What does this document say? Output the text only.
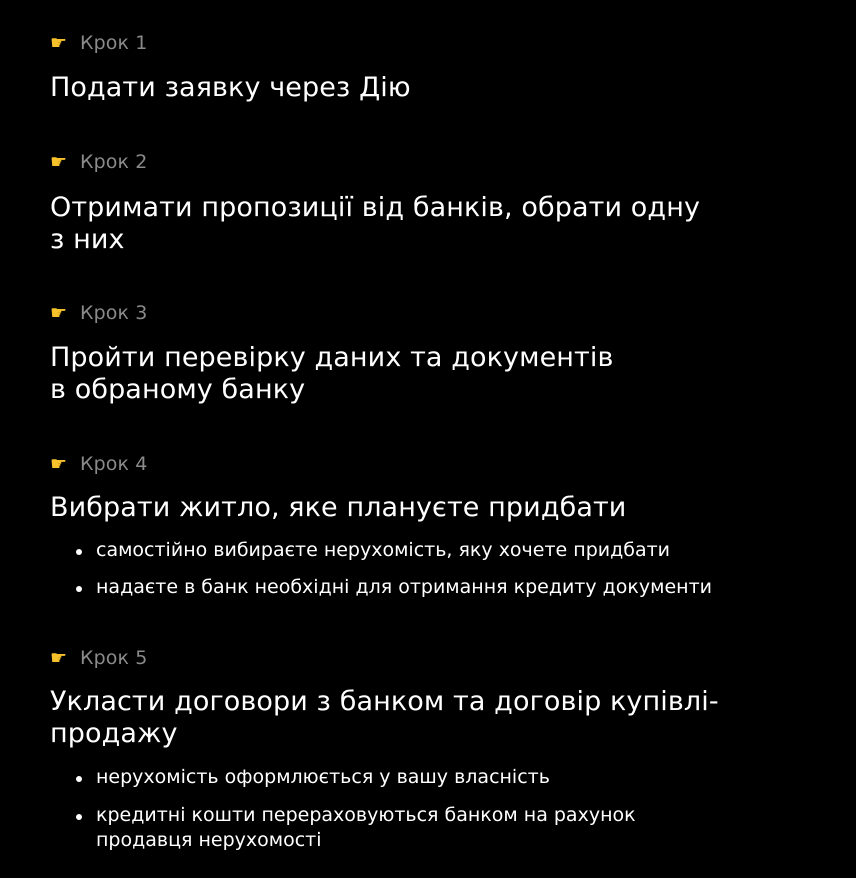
☛ Крок 1
Подати заявку через Дію
☛ Крок 2
Отримати пропозиції від банків, обрати одну
з них
☛ Крок 3
Пройти перевірку даних та документів
в обраному банку
☛ Крок 4
Вибрати житло, яке плануєте придбати
самостійно вибираєте нерухомість, яку хочете придбати
надаєте в банк необхідні для отримання кредиту документи
☛ Крок 5
Укласти договори з банком та договір купівлі-
продажу
нерухомість оформлюється у вашу власність
кредитні кошти перераховуються банком на рахунок
продавця нерухомості
